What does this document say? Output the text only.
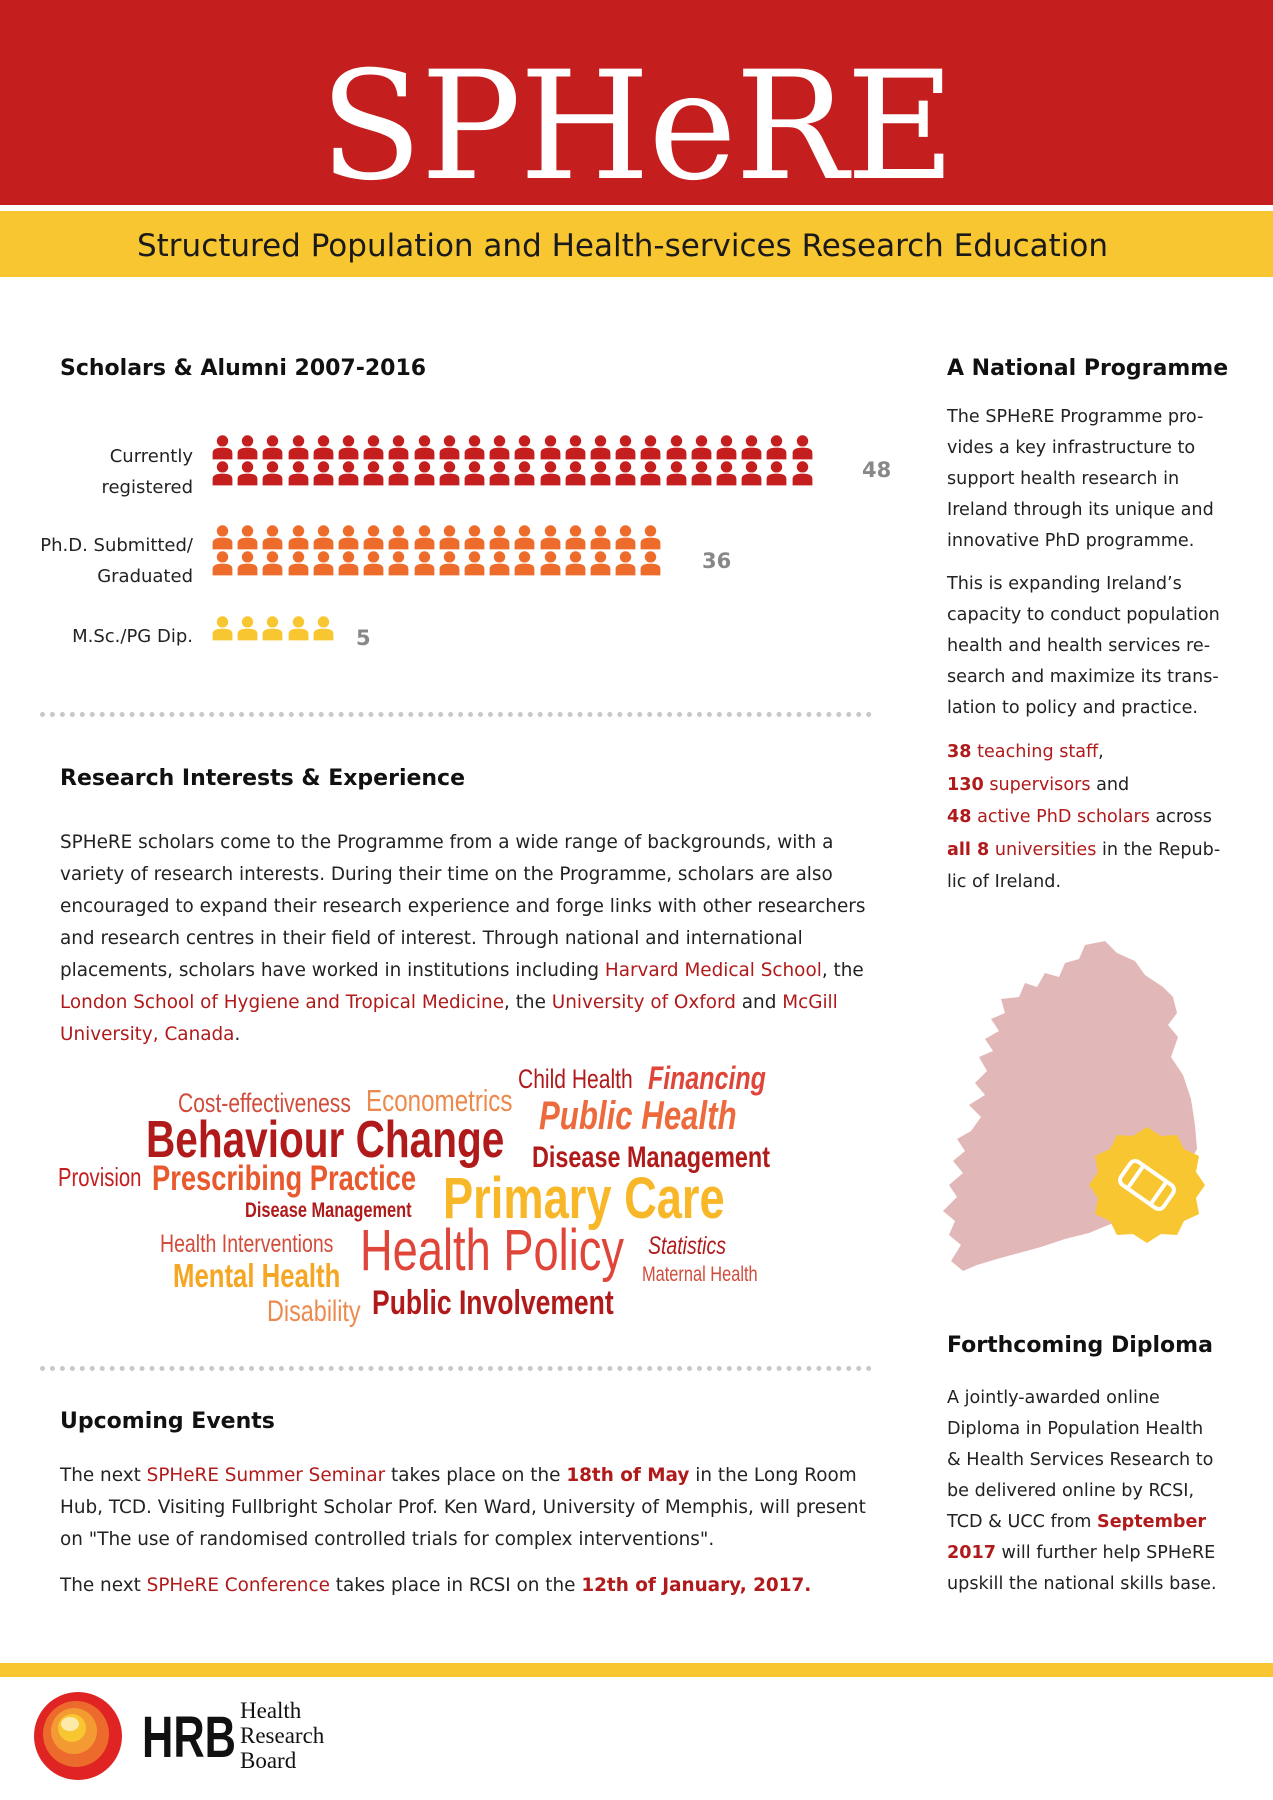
SPHeRE
Structured Population and Health-services Research Education
Scholars & Alumni 2007-2016
Currently
registered
Ph.D. Submitted/
Graduated
M.Sc./PG Dip.
48
36
5
Research Interests & Experience

SPHeRE scholars come to the Programme from a wide range of backgrounds, with a variety of research interests. During their time on the Programme, scholars are also encouraged to expand their research experience and forge links with other researchers and research centres in their field of interest. Through national and international placements, scholars have worked in institutions including Harvard Medical School, the London School of Hygiene and Tropical Medicine, the University of Oxford and McGill University, Canada.

Cost-effectiveness Econometrics
Child Health Financing
Behaviour Change Public Health
Disease Management
Provision Prescribing Practice Primary Care
Disease Management
Health Interventions Health Policy Statistics
Mental Health	Maternal Health
Public Involvement
Disability
Upcoming Events

The next SPHeRE Summer Seminar takes place on the 18th of May in the Long Room Hub, TCD. Visiting Fullbright Scholar Prof. Ken Ward, University of Memphis, will present on "The use of randomised controlled trials for complex interventions".

The next SPHeRE Conference takes place in RCSI on the 12th of January, 2017.

A National Programme

The SPHeRE Programme pro-vides a key infrastructure to support health research in Ireland through its unique and innovative PhD programme.

This is expanding Ireland’s capacity to conduct population health and health services re-search and maximize its trans-lation to policy and practice.

38 teaching staff,
130 supervisors and
48 active PhD scholars across
all 8 universities in the Repub-lic of Ireland.
Forthcoming Diploma

A jointly-awarded online Diploma in Population Health & Health Services Research to be delivered online by RCSI, TCD & UCC from September 2017 will further help SPHeRE upskill the national skills base.

HRB Health
Research
Board
